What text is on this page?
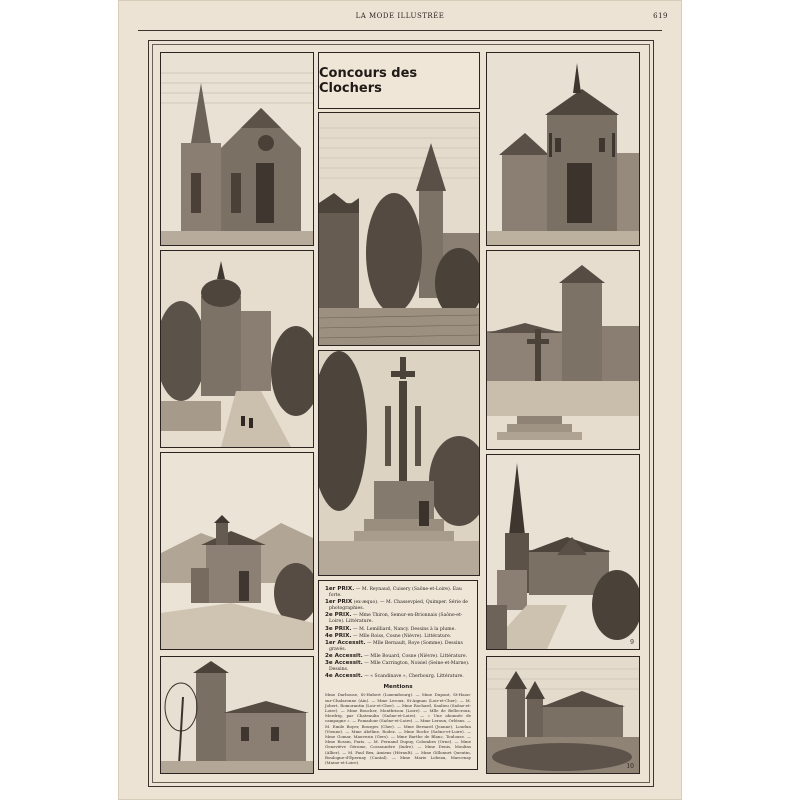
LA MODE ILLUSTRÉE	619
Concours des Clochers

1er PRIX. — M. Reynaud, Cuisery (Saône-et-Loire). Eau forte.

1er PRIX (ex-æquo). — M. Chassevpied, Quimper. Série de photographies.

2e PRIX. — Mme Thiron, Semur-en-Brionnais (Saône-et-Loire). Littérature.

3e PRIX. — M. Lemilliard, Nancy. Dessins à la plume.

4e PRIX. — Mlle Roiss, Cosne (Nièvre). Littérature.

1er Accessit. — Mlle Bernault, Roye (Somme). Dessins gravés.

2e Accessit. — Mlle Bouard, Cosne (Nièvre). Littérature.

3e Accessit. — Mlle Carrington, Noisiel (Seine-et-Marne). Dessins.

4e Accessit. — « Scandinave », Cherbourg. Littérature.

Mentions

Mme Darbouse, St-Hubert (Luxembourg). — Mme Dupont, St-Haon-sur-Chalaronne (Ain). — Mme Leroux, St-Aignan (Loir-et-Cher). — M. Jobert, Romorantin (Loir-et-Cher). — Mme Rochard, Saulieu (Saône-et-Loire). — Mme Boucher, Montbrison (Loire). — Mlle de Bellecroux, Merdrig, par Chateaulin (Saône-et-Loire). — « Une abonnée de campagne ». — Pomadour (Saône-et-Loire). — Mme Leroux, Orléans. — M. Emile Boyer, Bourges (Cher). — Mme Bernard (Jeanne), Loudun (Vienne). — Mme Abéline, Rodez. — Mme Roche (Saône-et-Loire). — Mme Gomar, Mauvezin (Gers). — Mme Barthe de Blanc, Toulouse. — Mme Rossin, Paris. — M. Fernand Dupuy, Colombes (Orne). — Mme Geneviève Gérome, Cossonnière (Indre). — Mme Denis, Moulins (Allier). — M. Paul Bex, Amiens (Hérault). — Mme Gillonnet Queutin, Boulogne-d'Épernay (Cantal). — Mme Marie Lobeau, Marcenay (Maine-et-Loire).

9
10
